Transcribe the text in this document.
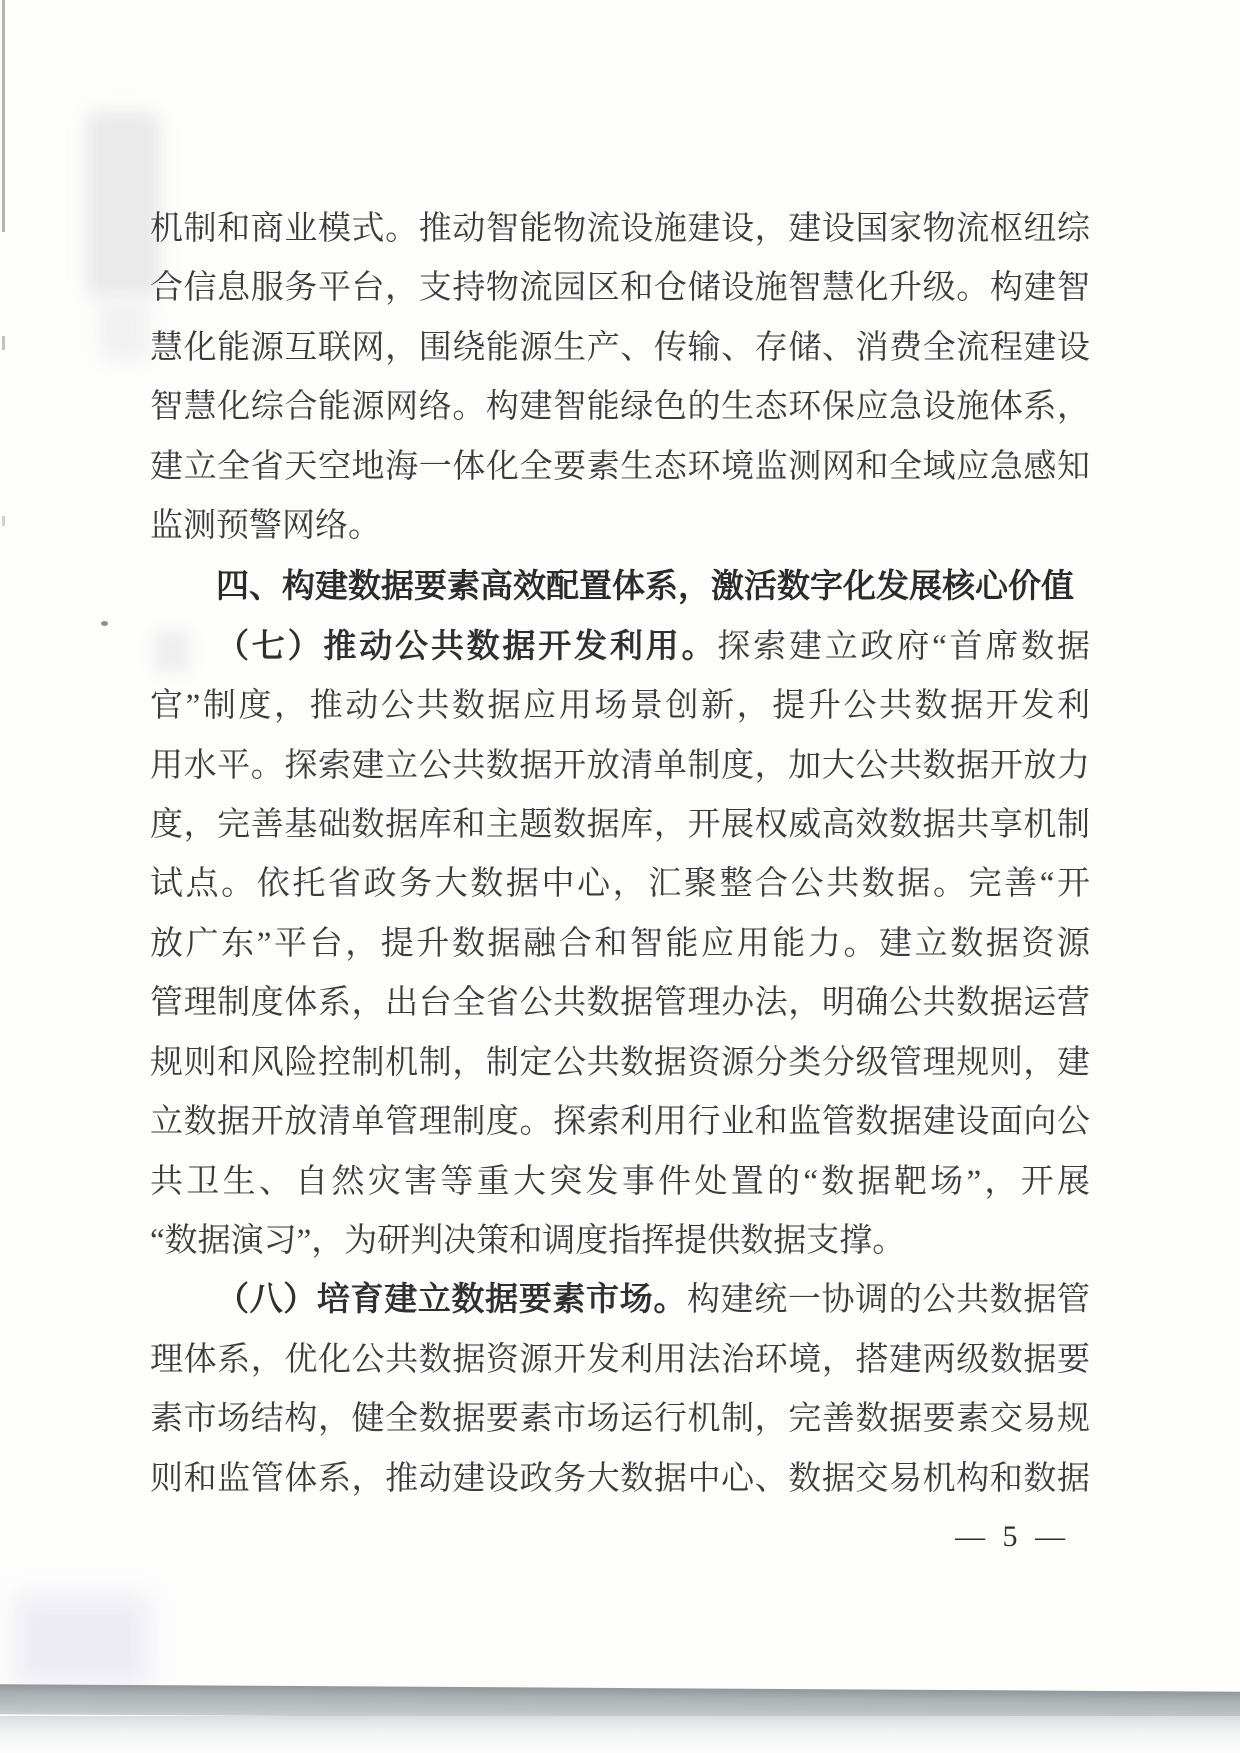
机制和商业模式。推动智能物流设施建设，建设国家物流枢纽综
合信息服务平台，支持物流园区和仓储设施智慧化升级。构建智
慧化能源互联网，围绕能源生产、传输、存储、消费全流程建设
智慧化综合能源网络。构建智能绿色的生态环保应急设施体系，
建立全省天空地海一体化全要素生态环境监测网和全域应急感知
监测预警网络。
四、构建数据要素高效配置体系，激活数字化发展核心价值
（七）推动公共数据开发利用。探索建立政府“首席数据
官”制度，推动公共数据应用场景创新，提升公共数据开发利
用水平。探索建立公共数据开放清单制度，加大公共数据开放力
度，完善基础数据库和主题数据库，开展权威高效数据共享机制
试点。依托省政务大数据中心，汇聚整合公共数据。完善“开
放广东”平台，提升数据融合和智能应用能力。建立数据资源
管理制度体系，出台全省公共数据管理办法，明确公共数据运营
规则和风险控制机制，制定公共数据资源分类分级管理规则，建
立数据开放清单管理制度。探索利用行业和监管数据建设面向公
共卫生、自然灾害等重大突发事件处置的“数据靶场”，开展
“数据演习”，为研判决策和调度指挥提供数据支撑。
（八）培育建立数据要素市场。构建统一协调的公共数据管
理体系，优化公共数据资源开发利用法治环境，搭建两级数据要
素市场结构，健全数据要素市场运行机制，完善数据要素交易规
则和监管体系，推动建设政务大数据中心、数据交易机构和数据
— 5 —
